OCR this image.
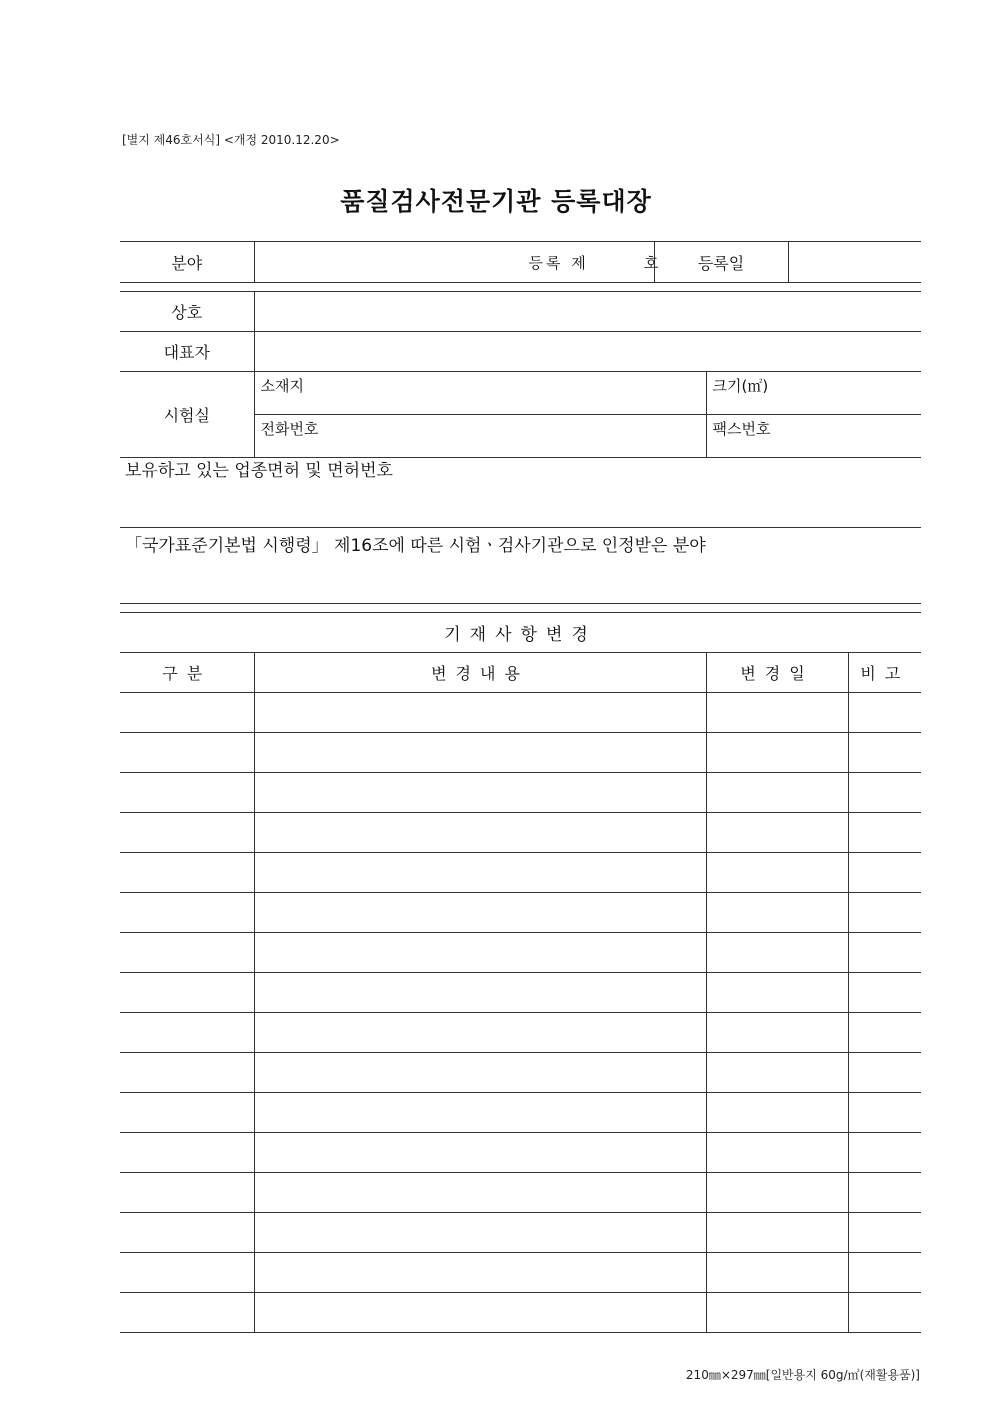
[별지 제46호서식] <개정 2010.12.20>
품질검사전문기관 등록대장
분야	등록 제	호	등록일	
상호		
대표자		
시험실	소재지	크기(㎡)
	전화번호	팩스번호
보유하고 있는 업종면허 및 면허번호
「국가표준기본법 시행령」 제16조에 따른 시험ㆍ검사기관으로 인정받은 분야
기재사항변경			
구분	변경내용	변경일	비고

210㎜×297㎜[일반용지 60g/㎡(재활용품)]
